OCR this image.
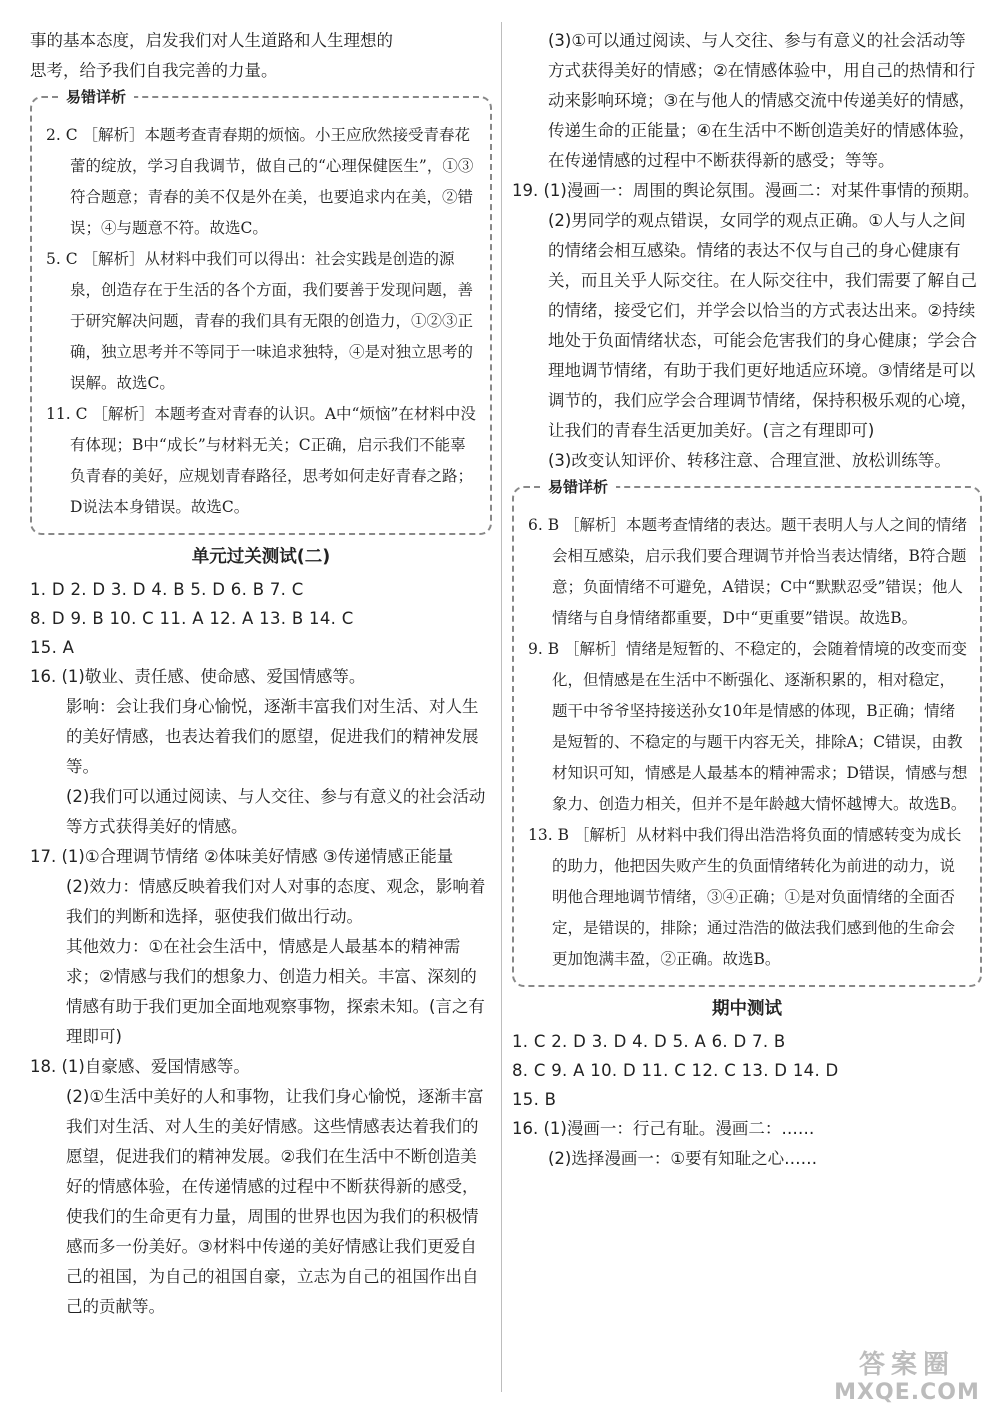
事的基本态度，启发我们对人生道路和人生理想的

思考，给予我们自我完善的力量。

易错详析

2. C ［解析］本题考查青春期的烦恼。小王应欣然接受青春花蕾的绽放，学习自我调节，做自己的“心理保健医生”，①③符合题意；青春的美不仅是外在美，也要追求内在美，②错误；④与题意不符。故选C。

5. C ［解析］从材料中我们可以得出：社会实践是创造的源泉，创造存在于生活的各个方面，我们要善于发现问题，善于研究解决问题，青春的我们具有无限的创造力，①②③正确，独立思考并不等同于一味追求独特，④是对独立思考的误解。故选C。

11. C ［解析］本题考查对青春的认识。A中“烦恼”在材料中没有体现；B中“成长”与材料无关；C正确，启示我们不能辜负青春的美好，应规划青春路径，思考如何走好青春之路；D说法本身错误。故选C。

单元过关测试(二)
1. D 2. D 3. D 4. B 5. D 6. B 7. C
8. D 9. B 10. C 11. A 12. A 13. B 14. C
15. A

16. (1)敬业、责任感、使命感、爱国情感等。

影响：会让我们身心愉悦，逐渐丰富我们对生活、对人生的美好情感，也表达着我们的愿望，促进我们的精神发展等。

(2)我们可以通过阅读、与人交往、参与有意义的社会活动等方式获得美好的情感。

17. (1)①合理调节情绪 ②体味美好情感 ③传递情感正能量

(2)效力：情感反映着我们对人对事的态度、观念，影响着我们的判断和选择，驱使我们做出行动。

其他效力：①在社会生活中，情感是人最基本的精神需求；②情感与我们的想象力、创造力相关。丰富、深刻的情感有助于我们更加全面地观察事物，探索未知。(言之有理即可)

18. (1)自豪感、爱国情感等。

(2)①生活中美好的人和事物，让我们身心愉悦，逐渐丰富我们对生活、对人生的美好情感。这些情感表达着我们的愿望，促进我们的精神发展。②我们在生活中不断创造美好的情感体验，在传递情感的过程中不断获得新的感受，使我们的生命更有力量，周围的世界也因为我们的积极情感而多一份美好。③材料中传递的美好情感让我们更爱自己的祖国，为自己的祖国自豪，立志为自己的祖国作出自己的贡献等。

(3)①可以通过阅读、与人交往、参与有意义的社会活动等方式获得美好的情感；②在情感体验中，用自己的热情和行动来影响环境；③在与他人的情感交流中传递美好的情感，传递生命的正能量；④在生活中不断创造美好的情感体验，在传递情感的过程中不断获得新的感受；等等。

19. (1)漫画一：周围的舆论氛围。漫画二：对某件事情的预期。

(2)男同学的观点错误，女同学的观点正确。①人与人之间的情绪会相互感染。情绪的表达不仅与自己的身心健康有关，而且关乎人际交往。在人际交往中，我们需要了解自己的情绪，接受它们，并学会以恰当的方式表达出来。②持续地处于负面情绪状态，可能会危害我们的身心健康；学会合理地调节情绪，有助于我们更好地适应环境。③情绪是可以调节的，我们应学会合理调节情绪，保持积极乐观的心境，让我们的青春生活更加美好。(言之有理即可)

(3)改变认知评价、转移注意、合理宣泄、放松训练等。

易错详析

6. B ［解析］本题考查情绪的表达。题干表明人与人之间的情绪会相互感染，启示我们要合理调节并恰当表达情绪，B符合题意；负面情绪不可避免，A错误；C中“默默忍受”错误；他人情绪与自身情绪都重要，D中“更重要”错误。故选B。

9. B ［解析］情绪是短暂的、不稳定的，会随着情境的改变而变化，但情感是在生活中不断强化、逐渐积累的，相对稳定，题干中爷爷坚持接送孙女10年是情感的体现，B正确；情绪是短暂的、不稳定的与题干内容无关，排除A；C错误，由教材知识可知，情感是人最基本的精神需求；D错误，情感与想象力、创造力相关，但并不是年龄越大情怀越博大。故选B。

13. B ［解析］从材料中我们得出浩浩将负面的情感转变为成长的助力，他把因失败产生的负面情绪转化为前进的动力，说明他合理地调节情绪，③④正确；①是对负面情绪的全面否定，是错误的，排除；通过浩浩的做法我们感到他的生命会更加饱满丰盈，②正确。故选B。

期中测试
1. C 2. D 3. D 4. D 5. A 6. D 7. B
8. C 9. A 10. D 11. C 12. C 13. D 14. D
15. B

16. (1)漫画一：行己有耻。漫画二：……

(2)选择漫画一：①要有知耻之心……

答案圈
MXQE.COM
